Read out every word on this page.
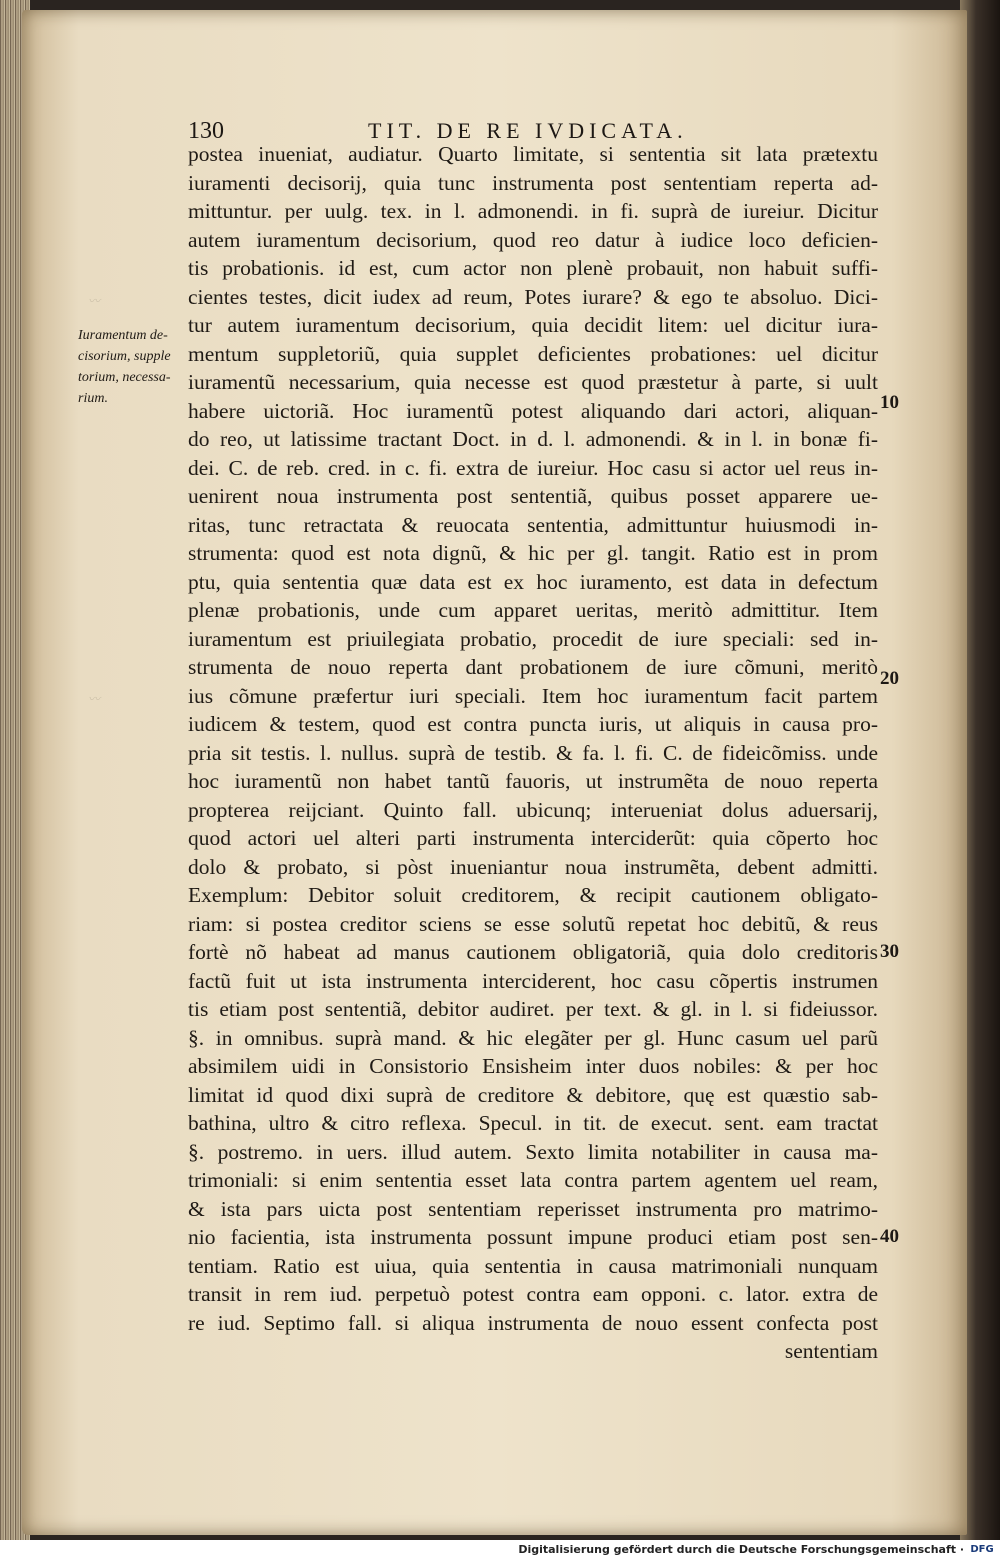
130	TIT. DE RE IVDICATA.
Iuramentum de-
cisorium, supple
torium, necessa-
rium.
〰
〰
postea inueniat, audiatur. Quarto limitate, si sententia sit lata prætextu
iuramenti decisorij, quia tunc instrumenta post sententiam reperta ad-
mittuntur. per uulg. tex. in l. admonendi. in fi. suprà de iureiur. Dicitur
autem iuramentum decisorium, quod reo datur à iudice loco deficien-
tis probationis. id est, cum actor non plenè probauit, non habuit suffi-
cientes testes, dicit iudex ad reum, Potes iurare? & ego te absoluo. Dici-
tur autem iuramentum decisorium, quia decidit litem: uel dicitur iura-
mentum suppletoriũ, quia supplet deficientes probationes: uel dicitur
iuramentũ necessarium, quia necesse est quod præstetur à parte, si uult
habere uictoriã. Hoc iuramentũ potest aliquando dari actori, aliquan-
do reo, ut latissime tractant Doct. in d. l. admonendi. & in l. in bonæ fi-
dei. C. de reb. cred. in c. fi. extra de iureiur. Hoc casu si actor uel reus in-
uenirent noua instrumenta post sententiã, quibus posset apparere ue-
ritas, tunc retractata & reuocata sententia, admittuntur huiusmodi in-
strumenta: quod est nota dignũ, & hic per gl. tangit. Ratio est in prom
ptu, quia sententia quæ data est ex hoc iuramento, est data in defectum
plenæ probationis, unde cum apparet ueritas, meritò admittitur. Item
iuramentum est priuilegiata probatio, procedit de iure speciali: sed in-
strumenta de nouo reperta dant probationem de iure cõmuni, meritò
ius cõmune præfertur iuri speciali. Item hoc iuramentum facit partem
iudicem & testem, quod est contra puncta iuris, ut aliquis in causa pro-
pria sit testis. l. nullus. suprà de testib. & fa. l. fi. C. de fideicõmiss. unde
hoc iuramentũ non habet tantũ fauoris, ut instrumẽta de nouo reperta
propterea reijciant. Quinto fall. ubicunq; interueniat dolus aduersarij,
quod actori uel alteri parti instrumenta interciderũt: quia cõperto hoc
dolo & probato, si pòst inueniantur noua instrumẽta, debent admitti.
Exemplum: Debitor soluit creditorem, & recipit cautionem obligato-
riam: si postea creditor sciens se esse solutũ repetat hoc debitũ, & reus
fortè nõ habeat ad manus cautionem obligatoriã, quia dolo creditoris
factũ fuit ut ista instrumenta interciderent, hoc casu cõpertis instrumen
tis etiam post sententiã, debitor audiret. per text. & gl. in l. si fideiussor.
§. in omnibus. suprà mand. & hic elegãter per gl. Hunc casum uel parũ
absimilem uidi in Consistorio Ensisheim inter duos nobiles: & per hoc
limitat id quod dixi suprà de creditore & debitore, quę est quæstio sab-
bathina, ultro & citro reflexa. Specul. in tit. de execut. sent. eam tractat
§. postremo. in uers. illud autem. Sexto limita notabiliter in causa ma-
trimoniali: si enim sententia esset lata contra partem agentem uel ream,
& ista pars uicta post sententiam reperisset instrumenta pro matrimo-
nio facientia, ista instrumenta possunt impune produci etiam post sen-
tentiam. Ratio est uiua, quia sententia in causa matrimoniali nunquam
transit in rem iud. perpetuò potest contra eam opponi. c. lator. extra de
re iud. Septimo fall. si aliqua instrumenta de nouo essent confecta post
sententiam
10
20
30
40
Digitalisierung gefördert durch die Deutsche Forschungsgemeinschaft · DFG
